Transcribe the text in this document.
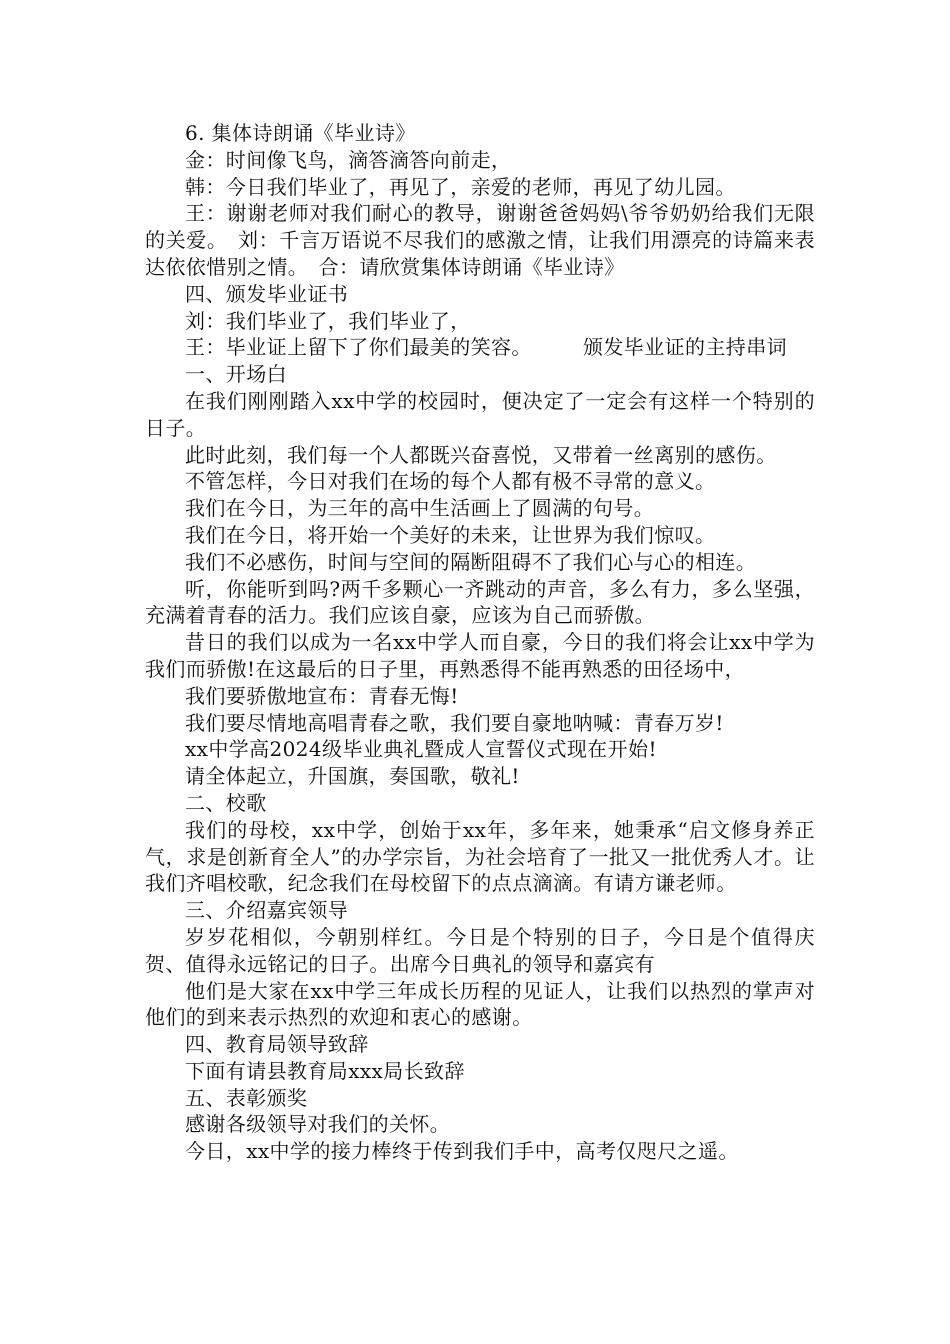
6. 集体诗朗诵《毕业诗》

金：时间像飞鸟，滴答滴答向前走，

韩：今日我们毕业了，再见了，亲爱的老师，再见了幼儿园。

王：谢谢老师对我们耐心的教导，谢谢爸爸妈妈\爷爷奶奶给我们无限的关爱。　刘：千言万语说不尽我们的感激之情，让我们用漂亮的诗篇来表达依依惜别之情。　合：请欣赏集体诗朗诵《毕业诗》

四、颁发毕业证书

刘：我们毕业了，我们毕业了，

王：毕业证上留下了你们最美的笑容。　　　颁发毕业证的主持串词

一、开场白

在我们刚刚踏入xx中学的校园时，便决定了一定会有这样一个特别的日子。

此时此刻，我们每一个人都既兴奋喜悦，又带着一丝离别的感伤。

不管怎样，今日对我们在场的每个人都有极不寻常的意义。

我们在今日，为三年的高中生活画上了圆满的句号。

我们在今日，将开始一个美好的未来，让世界为我们惊叹。

我们不必感伤，时间与空间的隔断阻碍不了我们心与心的相连。

听，你能听到吗?两千多颗心一齐跳动的声音，多么有力，多么坚强，充满着青春的活力。我们应该自豪，应该为自己而骄傲。

昔日的我们以成为一名xx中学人而自豪，今日的我们将会让xx中学为我们而骄傲!在这最后的日子里，再熟悉得不能再熟悉的田径场中，

我们要骄傲地宣布：青春无悔!

我们要尽情地高唱青春之歌，我们要自豪地呐喊：青春万岁!

xx中学高2024级毕业典礼暨成人宣誓仪式现在开始!

请全体起立，升国旗，奏国歌，敬礼!

二、校歌

我们的母校，xx中学，创始于xx年，多年来，她秉承“启文修身养正气，求是创新育全人”的办学宗旨，为社会培育了一批又一批优秀人才。让我们齐唱校歌，纪念我们在母校留下的点点滴滴。有请方谦老师。

三、介绍嘉宾领导

岁岁花相似，今朝别样红。今日是个特别的日子，今日是个值得庆贺、值得永远铭记的日子。出席今日典礼的领导和嘉宾有

他们是大家在xx中学三年成长历程的见证人，让我们以热烈的掌声对他们的到来表示热烈的欢迎和衷心的感谢。

四、教育局领导致辞

下面有请县教育局xxx局长致辞

五、表彰颁奖

感谢各级领导对我们的关怀。

今日，xx中学的接力棒终于传到我们手中，高考仅咫尺之遥。
